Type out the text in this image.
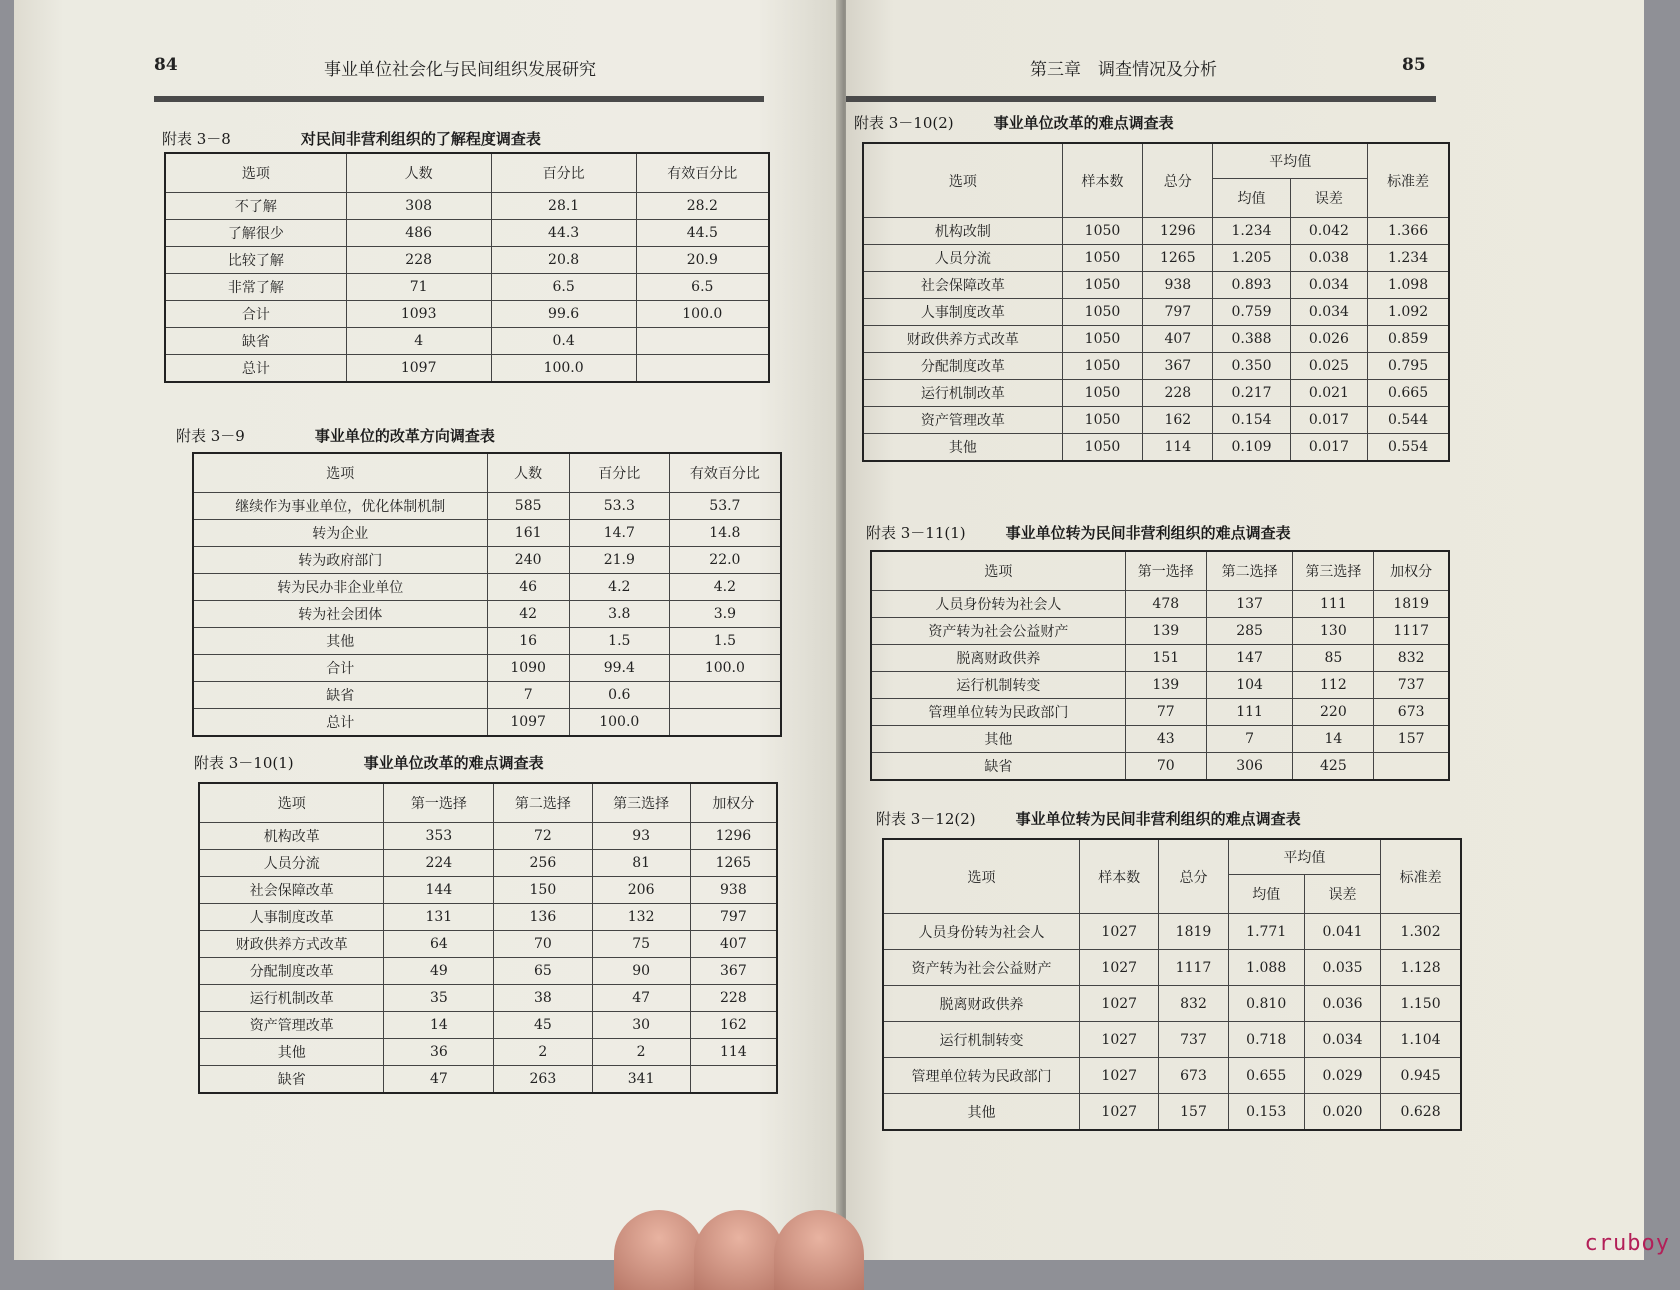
84	事业单位社会化与民间组织发展研究
附表 3－8	对民间非营利组织的了解程度调查表
选项	人数	百分比	有效百分比
不了解	308	28.1	28.2
了解很少	486	44.3	44.5
比较了解	228	20.8	20.9
非常了解	71	6.5	6.5
合计	1093	99.6	100.0
缺省	4	0.4	
总计	1097	100.0	
附表 3－9	事业单位的改革方向调查表
选项	人数	百分比	有效百分比
继续作为事业单位，优化体制机制	585	53.3	53.7
转为企业	161	14.7	14.8
转为政府部门	240	21.9	22.0
转为民办非企业单位	46	4.2	4.2
转为社会团体	42	3.8	3.9
其他	16	1.5	1.5
合计	1090	99.4	100.0
缺省	7	0.6	
总计	1097	100.0	
附表 3－10(1)	事业单位改革的难点调查表
选项	第一选择	第二选择	第三选择	加权分
机构改革	353	72	93	1296
人员分流	224	256	81	1265
社会保障改革	144	150	206	938
人事制度改革	131	136	132	797
财政供养方式改革	64	70	75	407
分配制度改革	49	65	90	367
运行机制改革	35	38	47	228
资产管理改革	14	45	30	162
其他	36	2	2	114
缺省	47	263	341	
第三章　调查情况及分析	85
附表 3－10(2)	事业单位改革的难点调查表
选项	样本数	总分	平均值		标准差
			均值	误差	
机构改制	1050	1296	1.234	0.042	1.366
人员分流	1050	1265	1.205	0.038	1.234
社会保障改革	1050	938	0.893	0.034	1.098
人事制度改革	1050	797	0.759	0.034	1.092
财政供养方式改革	1050	407	0.388	0.026	0.859
分配制度改革	1050	367	0.350	0.025	0.795
运行机制改革	1050	228	0.217	0.021	0.665
资产管理改革	1050	162	0.154	0.017	0.544
其他	1050	114	0.109	0.017	0.554
附表 3－11(1)	事业单位转为民间非营利组织的难点调查表
选项	第一选择	第二选择	第三选择	加权分
人员身份转为社会人	478	137	111	1819
资产转为社会公益财产	139	285	130	1117
脱离财政供养	151	147	85	832
运行机制转变	139	104	112	737
管理单位转为民政部门	77	111	220	673
其他	43	7	14	157
缺省	70	306	425	
附表 3－12(2)	事业单位转为民间非营利组织的难点调查表
选项	样本数	总分	平均值		标准差
			均值	误差	
人员身份转为社会人	1027	1819	1.771	0.041	1.302
资产转为社会公益财产	1027	1117	1.088	0.035	1.128
脱离财政供养	1027	832	0.810	0.036	1.150
运行机制转变	1027	737	0.718	0.034	1.104
管理单位转为民政部门	1027	673	0.655	0.029	0.945
其他	1027	157	0.153	0.020	0.628
cruboy
